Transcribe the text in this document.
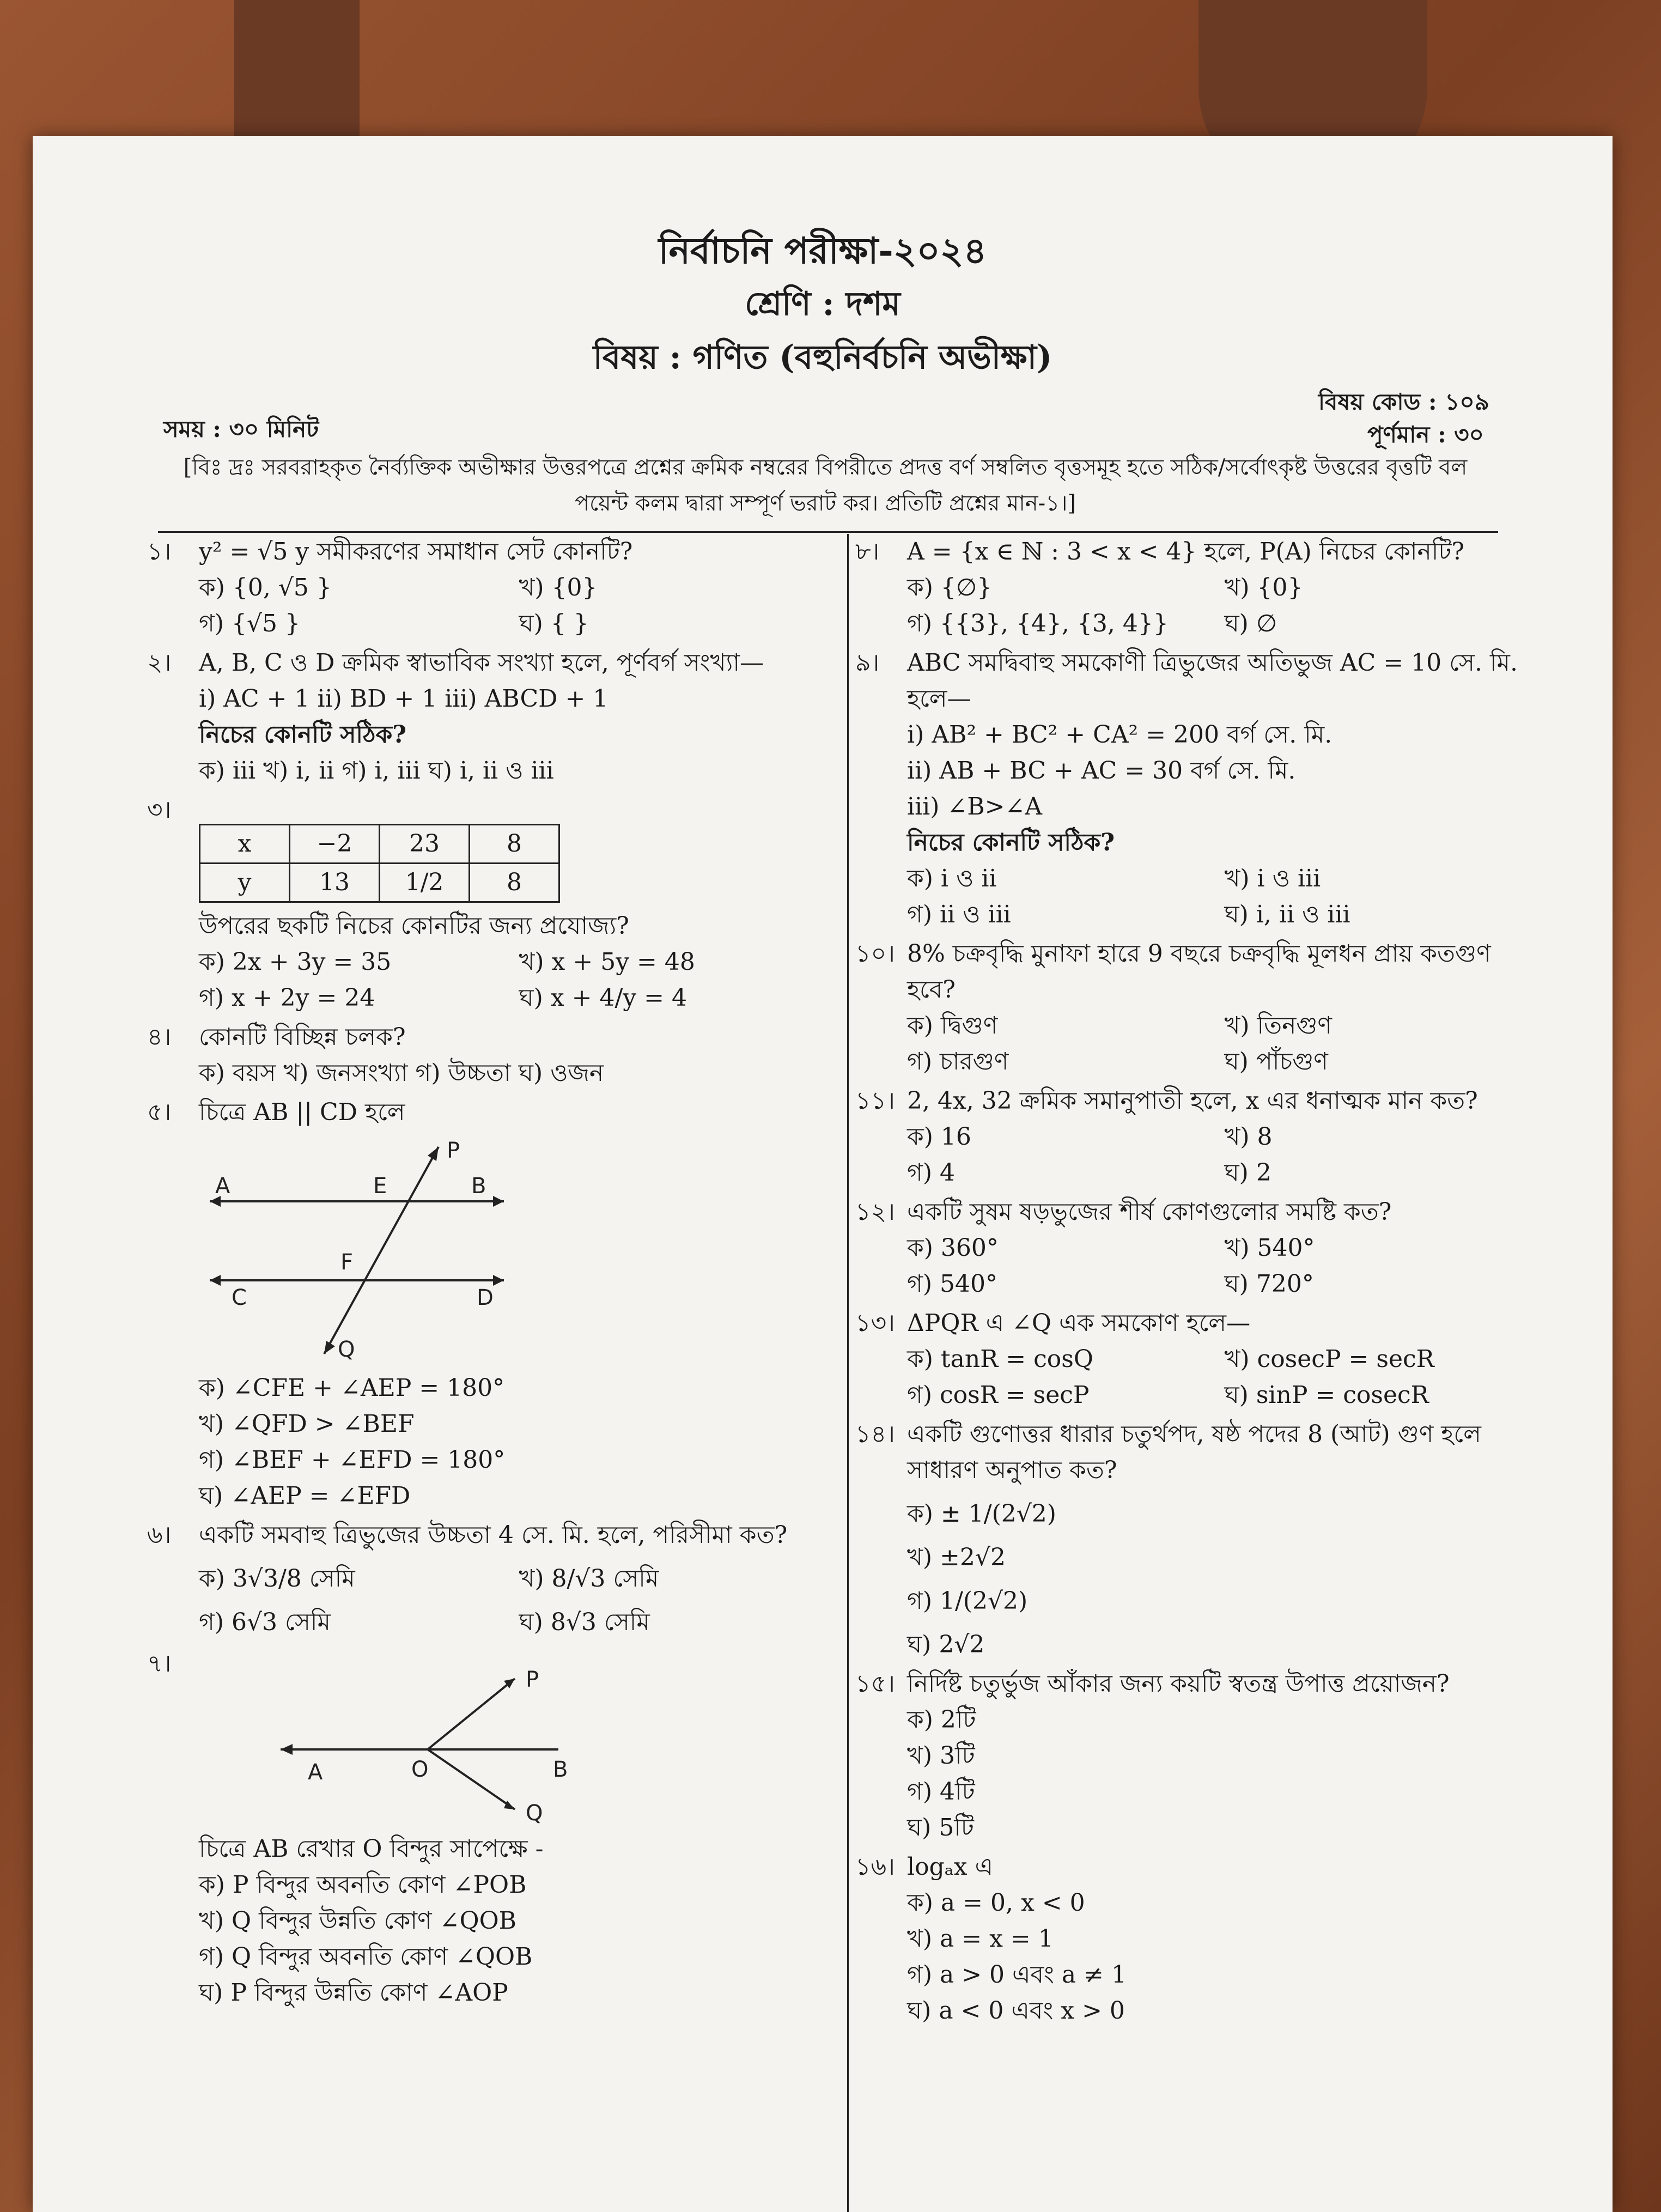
নির্বাচনি পরীক্ষা-২০২৪
শ্রেণি : দশম
বিষয় : গণিত (বহুনির্বচনি অভীক্ষা)
সময় : ৩০ মিনিট
বিষয় কোড : ১০৯
পূর্ণমান : ৩০
[বিঃ দ্রঃ সরবরাহকৃত নৈর্ব্যক্তিক অভীক্ষার উত্তরপত্রে প্রশ্নের ক্রমিক নম্বরের বিপরীতে প্রদত্ত বর্ণ সম্বলিত বৃত্তসমূহ হতে সঠিক/সর্বোৎকৃষ্ট উত্তরের বৃত্তটি বল পয়েন্ট কলম দ্বারা সম্পূর্ণ ভরাট কর। প্রতিটি প্রশ্নের মান-১।]
১।	y² = √5 y সমীকরণের সমাধান সেট কোনটি?
ক) {0, √5 }	খ) {0}
গ) {√5 }	ঘ) { }
২।	A, B, C ও D ক্রমিক স্বাভাবিক সংখ্যা হলে, পূর্ণবর্গ সংখ্যা—
i) AC + 1 ii) BD + 1 iii) ABCD + 1
নিচের কোনটি সঠিক?
ক) iii খ) i, ii গ) i, iii ঘ) i, ii ও iii
৩।
x	−2	23	8
y	13	1/2	8
উপরের ছকটি নিচের কোনটির জন্য প্রযোজ্য?
ক) 2x + 3y = 35	খ) x + 5y = 48
গ) x + 2y = 24	ঘ) x + 4/y = 4
৪।	কোনটি বিচ্ছিন্ন চলক?
ক) বয়স খ) জনসংখ্যা গ) উচ্চতা ঘ) ওজন
৫।	চিত্রে AB || CD হলে
A	B
C	D
E
F
P
Q
ক) ∠CFE + ∠AEP = 180°
খ) ∠QFD > ∠BEF
গ) ∠BEF + ∠EFD = 180°
ঘ) ∠AEP = ∠EFD
৬।	একটি সমবাহু ত্রিভুজের উচ্চতা 4 সে. মি. হলে, পরিসীমা কত?
ক) 3√3/8 সেমি	খ) 8/√3 সেমি
গ) 6√3 সেমি	ঘ) 8√3 সেমি
৭।
A	O	B
P
Q
চিত্রে AB রেখার O বিন্দুর সাপেক্ষে -
ক) P বিন্দুর অবনতি কোণ ∠POB
খ) Q বিন্দুর উন্নতি কোণ ∠QOB
গ) Q বিন্দুর অবনতি কোণ ∠QOB
ঘ) P বিন্দুর উন্নতি কোণ ∠AOP
৮।	A = {x ∈ ℕ : 3 < x < 4} হলে, P(A) নিচের কোনটি?
ক) {∅}	খ) {0}
গ) {{3}, {4}, {3, 4}}	ঘ) ∅
৯।	ABC সমদ্বিবাহু সমকোণী ত্রিভুজের অতিভুজ AC = 10 সে. মি. হলে—
i) AB² + BC² + CA² = 200 বর্গ সে. মি.
ii) AB + BC + AC = 30 বর্গ সে. মি.
iii) ∠B>∠A
নিচের কোনটি সঠিক?
ক) i ও ii	খ) i ও iii
গ) ii ও iii	ঘ) i, ii ও iii
১০। 8% চক্রবৃদ্ধি মুনাফা হারে 9 বছরে চক্রবৃদ্ধি মূলধন প্রায় কতগুণ হবে?
ক) দ্বিগুণ	খ) তিনগুণ
গ) চারগুণ	ঘ) পাঁচগুণ
১১। 2, 4x, 32 ক্রমিক সমানুপাতী হলে, x এর ধনাত্মক মান কত?
ক) 16	খ) 8
গ) 4	ঘ) 2
১২। একটি সুষম ষড়ভুজের শীর্ষ কোণগুলোর সমষ্টি কত?
ক) 360°	খ) 540°
গ) 540°	ঘ) 720°
১৩। ΔPQR এ ∠Q এক সমকোণ হলে—
ক) tanR = cosQ	খ) cosecP = secR
গ) cosR = secP	ঘ) sinP = cosecR
১৪। একটি গুণোত্তর ধারার চতুর্থপদ, ষষ্ঠ পদের 8 (আট) গুণ হলে সাধারণ অনুপাত কত?
ক) ± 1/(2√2)
খ) ±2√2
গ) 1/(2√2)
ঘ) 2√2
১৫। নির্দিষ্ট চতুর্ভুজ আঁকার জন্য কয়টি স্বতন্ত্র উপাত্ত প্রয়োজন?
ক) 2টি
খ) 3টি
গ) 4টি
ঘ) 5টি
১৬। logₐx এ
ক) a = 0, x < 0
খ) a = x = 1
গ) a > 0 এবং a ≠ 1
ঘ) a < 0 এবং x > 0
